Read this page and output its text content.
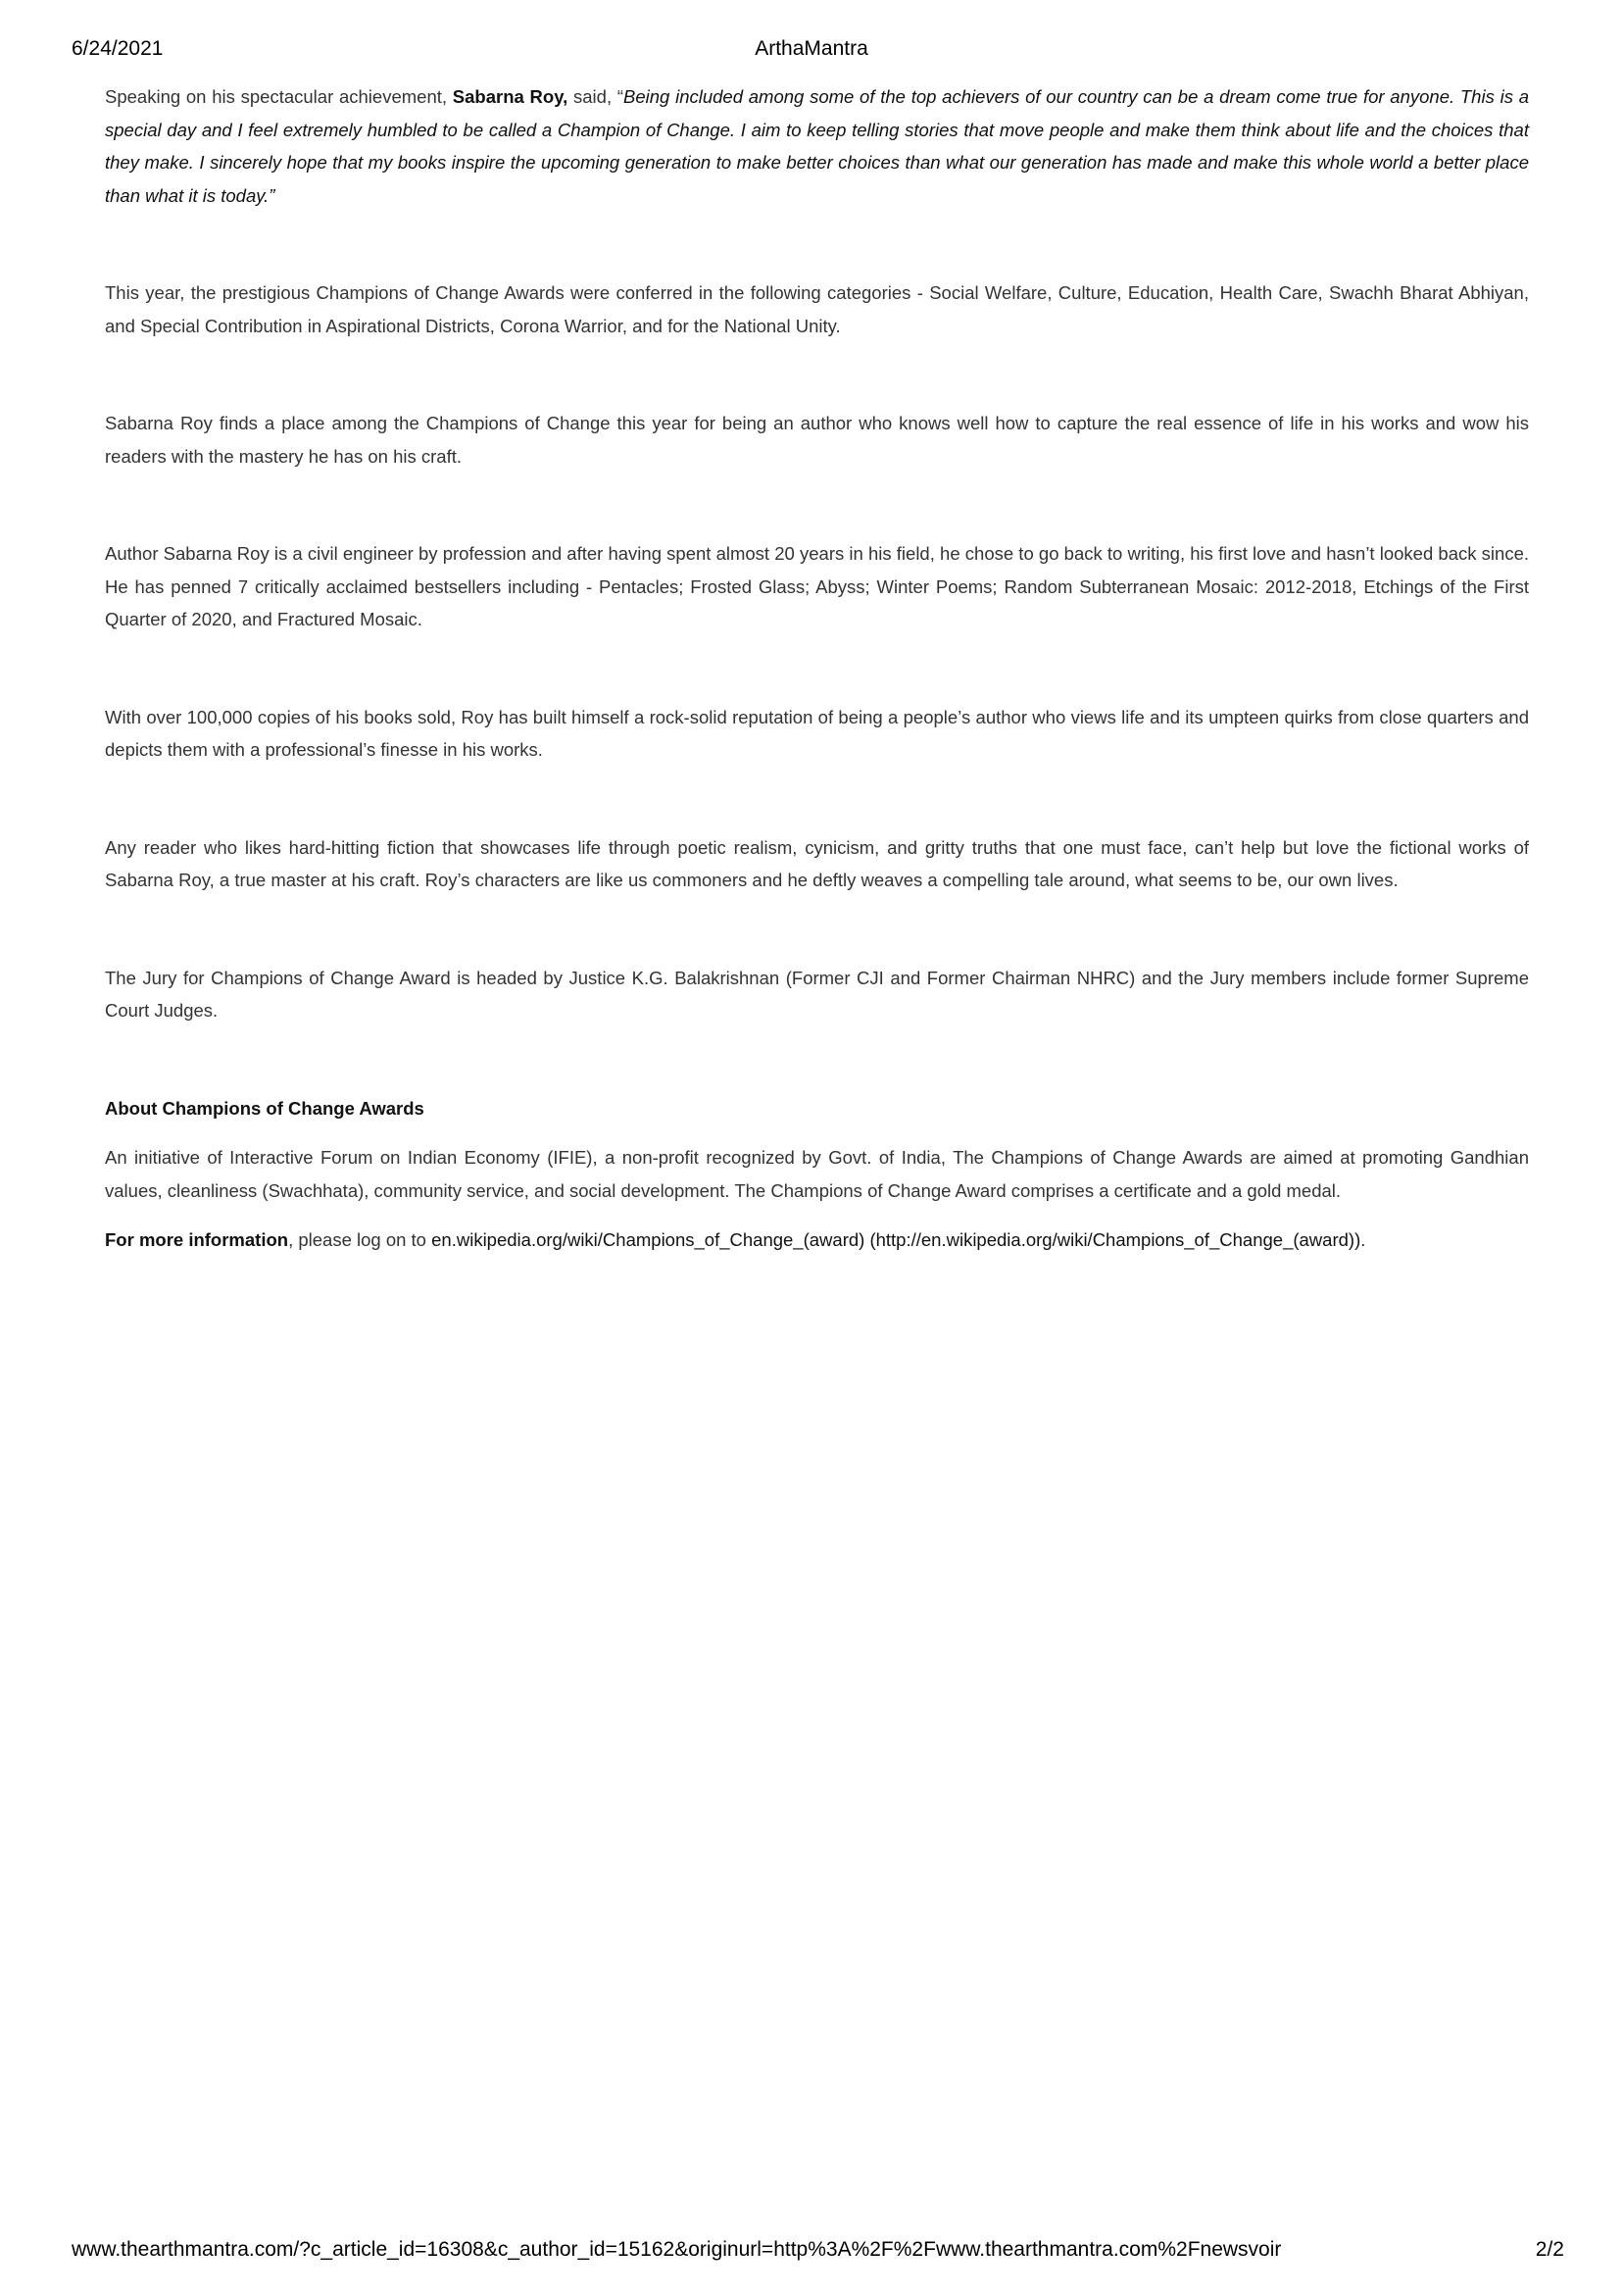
6/24/2021	ArthaMantra

Speaking on his spectacular achievement, Sabarna Roy, said, “Being included among some of the top achievers of our country can be a dream come true for anyone. This is a special day and I feel extremely humbled to be called a Champion of Change. I aim to keep telling stories that move people and make them think about life and the choices that they make. I sincerely hope that my books inspire the upcoming generation to make better choices than what our generation has made and make this whole world a better place than what it is today.”

This year, the prestigious Champions of Change Awards were conferred in the following categories - Social Welfare, Culture, Education, Health Care, Swachh Bharat Abhiyan, and Special Contribution in Aspirational Districts, Corona Warrior, and for the National Unity.

Sabarna Roy finds a place among the Champions of Change this year for being an author who knows well how to capture the real essence of life in his works and wow his readers with the mastery he has on his craft.

Author Sabarna Roy is a civil engineer by profession and after having spent almost 20 years in his field, he chose to go back to writing, his first love and hasn’t looked back since. He has penned 7 critically acclaimed bestsellers including - Pentacles; Frosted Glass; Abyss; Winter Poems; Random Subterranean Mosaic: 2012-2018, Etchings of the First Quarter of 2020, and Fractured Mosaic.

With over 100,000 copies of his books sold, Roy has built himself a rock-solid reputation of being a people’s author who views life and its umpteen quirks from close quarters and depicts them with a professional’s finesse in his works.

Any reader who likes hard-hitting fiction that showcases life through poetic realism, cynicism, and gritty truths that one must face, can’t help but love the fictional works of Sabarna Roy, a true master at his craft. Roy’s characters are like us commoners and he deftly weaves a compelling tale around, what seems to be, our own lives.

The Jury for Champions of Change Award is headed by Justice K.G. Balakrishnan (Former CJI and Former Chairman NHRC) and the Jury members include former Supreme Court Judges.

About Champions of Change Awards

An initiative of Interactive Forum on Indian Economy (IFIE), a non-profit recognized by Govt. of India, The Champions of Change Awards are aimed at promoting Gandhian values, cleanliness (Swachhata), community service, and social development. The Champions of Change Award comprises a certificate and a gold medal.

For more information, please log on to en.wikipedia.org/wiki/Champions_of_Change_(award) (http://en.wikipedia.org/wiki/Champions_of_Change_(award)).

www.thearthmantra.com/?c_article_id=16308&c_author_id=15162&originurl=http%3A%2F%2Fwww.thearthmantra.com%2Fnewsvoir	2/2
